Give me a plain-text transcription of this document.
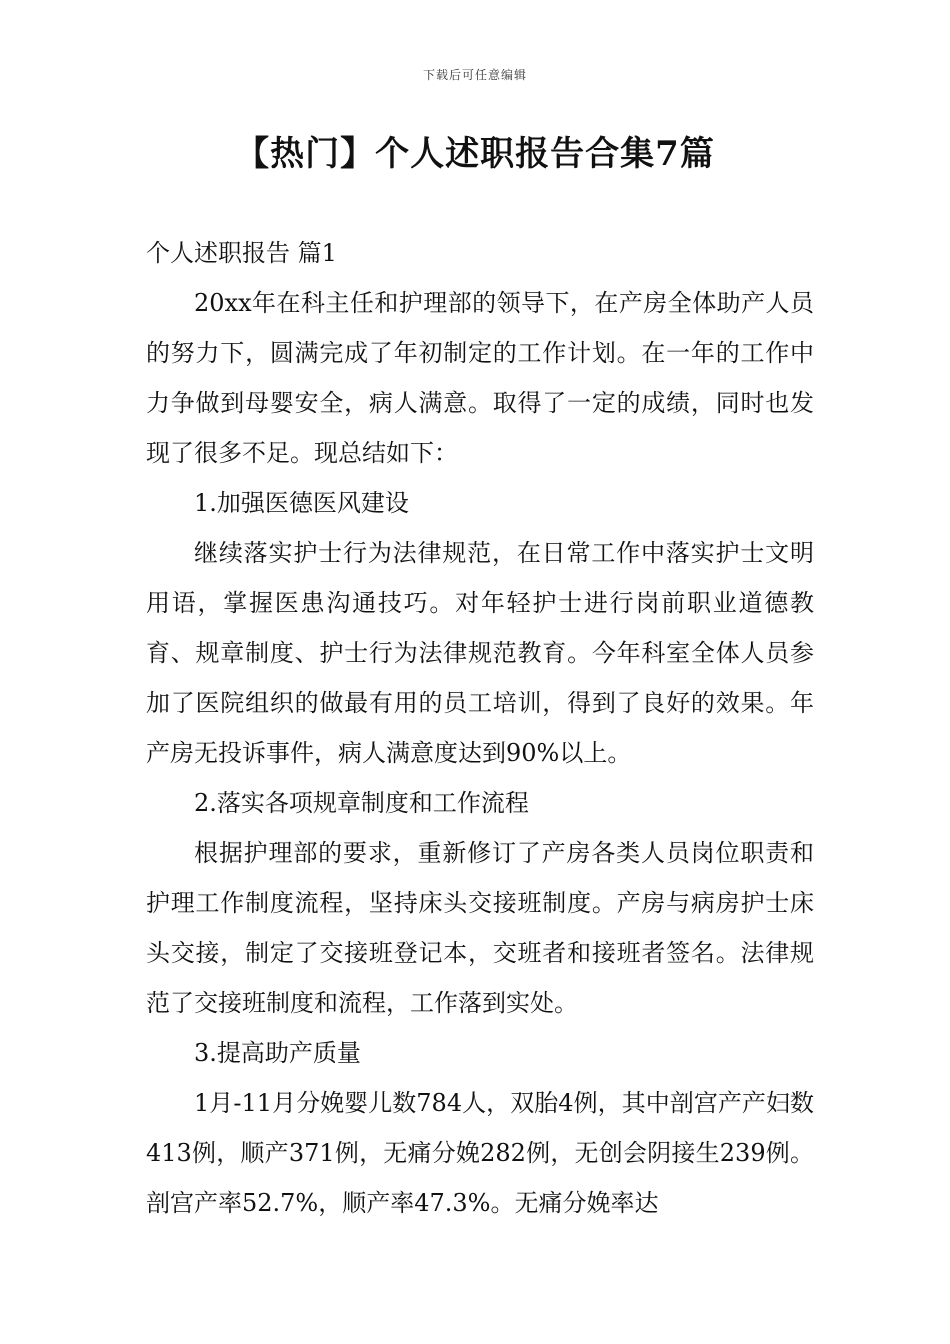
下载后可任意编辑
【热门】个人述职报告合集7篇

个人述职报告 篇1

20xx年在科主任和护理部的领导下，在产房全体助产人员的努力下，圆满完成了年初制定的工作计划。在一年的工作中力争做到母婴安全，病人满意。取得了一定的成绩，同时也发现了很多不足。现总结如下：

1.加强医德医风建设

继续落实护士行为法律规范，在日常工作中落实护士文明用语，掌握医患沟通技巧。对年轻护士进行岗前职业道德教育、规章制度、护士行为法律规范教育。今年科室全体人员参加了医院组织的做最有用的员工培训，得到了良好的效果。年产房无投诉事件，病人满意度达到90%以上。

2.落实各项规章制度和工作流程

根据护理部的要求，重新修订了产房各类人员岗位职责和护理工作制度流程，坚持床头交接班制度。产房与病房护士床头交接，制定了交接班登记本，交班者和接班者签名。法律规范了交接班制度和流程，工作落到实处。

3.提高助产质量

1月-11月分娩婴儿数784人，双胎4例，其中剖宫产产妇数413例，顺产371例，无痛分娩282例，无创会阴接生239例。剖宫产率52.7%，顺产率47.3%。无痛分娩率达
